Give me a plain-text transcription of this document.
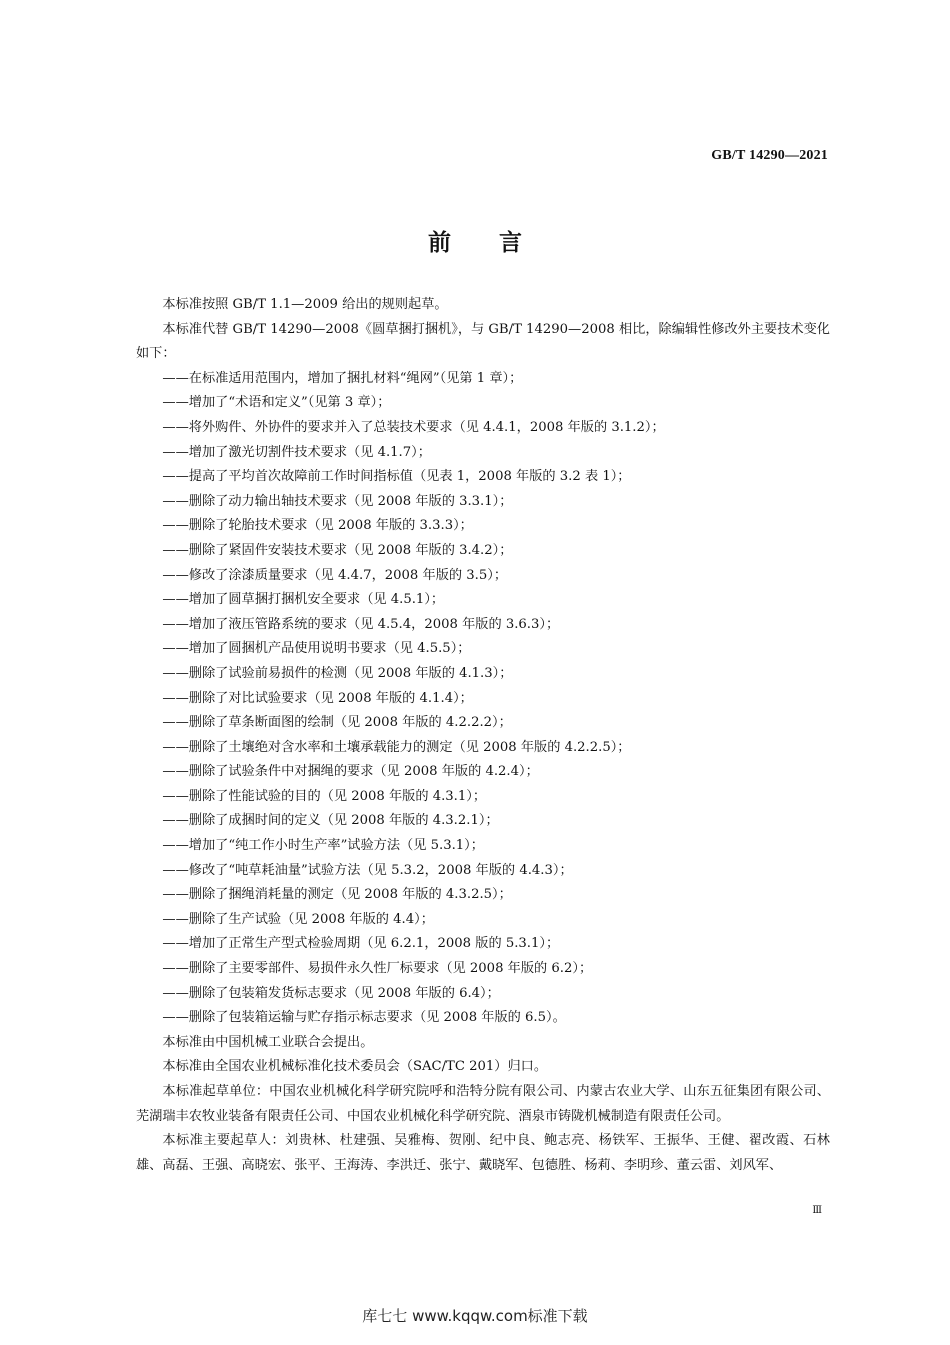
GB/T 14290—2021
前言

本标准按照 GB/T 1.1—2009 给出的规则起草。

本标准代替 GB/T 14290—2008《圆草捆打捆机》，与 GB/T 14290—2008 相比，除编辑性修改外主要技术变化如下：

——在标准适用范围内，增加了捆扎材料“绳网”（见第 1 章）；
——增加了“术语和定义”（见第 3 章）；
——将外购件、外协件的要求并入了总装技术要求（见 4.4.1，2008 年版的 3.1.2）；
——增加了激光切割件技术要求（见 4.1.7）；
——提高了平均首次故障前工作时间指标值（见表 1，2008 年版的 3.2 表 1）；
——删除了动力输出轴技术要求（见 2008 年版的 3.3.1）；
——删除了轮胎技术要求（见 2008 年版的 3.3.3）；
——删除了紧固件安装技术要求（见 2008 年版的 3.4.2）；
——修改了涂漆质量要求（见 4.4.7，2008 年版的 3.5）；
——增加了圆草捆打捆机安全要求（见 4.5.1）；
——增加了液压管路系统的要求（见 4.5.4，2008 年版的 3.6.3）；
——增加了圆捆机产品使用说明书要求（见 4.5.5）；
——删除了试验前易损件的检测（见 2008 年版的 4.1.3）；
——删除了对比试验要求（见 2008 年版的 4.1.4）；
——删除了草条断面图的绘制（见 2008 年版的 4.2.2.2）；
——删除了土壤绝对含水率和土壤承载能力的测定（见 2008 年版的 4.2.2.5）；
——删除了试验条件中对捆绳的要求（见 2008 年版的 4.2.4）；
——删除了性能试验的目的（见 2008 年版的 4.3.1）；
——删除了成捆时间的定义（见 2008 年版的 4.3.2.1）；
——增加了“纯工作小时生产率”试验方法（见 5.3.1）；
——修改了“吨草耗油量”试验方法（见 5.3.2，2008 年版的 4.4.3）；
——删除了捆绳消耗量的测定（见 2008 年版的 4.3.2.5）；
——删除了生产试验（见 2008 年版的 4.4）；
——增加了正常生产型式检验周期（见 6.2.1，2008 版的 5.3.1）；
——删除了主要零部件、易损件永久性厂标要求（见 2008 年版的 6.2）；
——删除了包装箱发货标志要求（见 2008 年版的 6.4）；
——删除了包装箱运输与贮存指示标志要求（见 2008 年版的 6.5）。

本标准由中国机械工业联合会提出。

本标准由全国农业机械标准化技术委员会（SAC/TC 201）归口。

本标准起草单位：中国农业机械化科学研究院呼和浩特分院有限公司、内蒙古农业大学、山东五征集团有限公司、芜湖瑞丰农牧业装备有限责任公司、中国农业机械化科学研究院、酒泉市铸陇机械制造有限责任公司。

本标准主要起草人：刘贵林、杜建强、吴雅梅、贺刚、纪中良、鲍志亮、杨铁军、王振华、王健、翟改霞、石林雄、高磊、王强、高晓宏、张平、王海涛、李洪迁、张宁、戴晓军、包德胜、杨莉、李明珍、董云雷、刘风军、

Ⅲ
库七七 www.kqqw.com标准下载
